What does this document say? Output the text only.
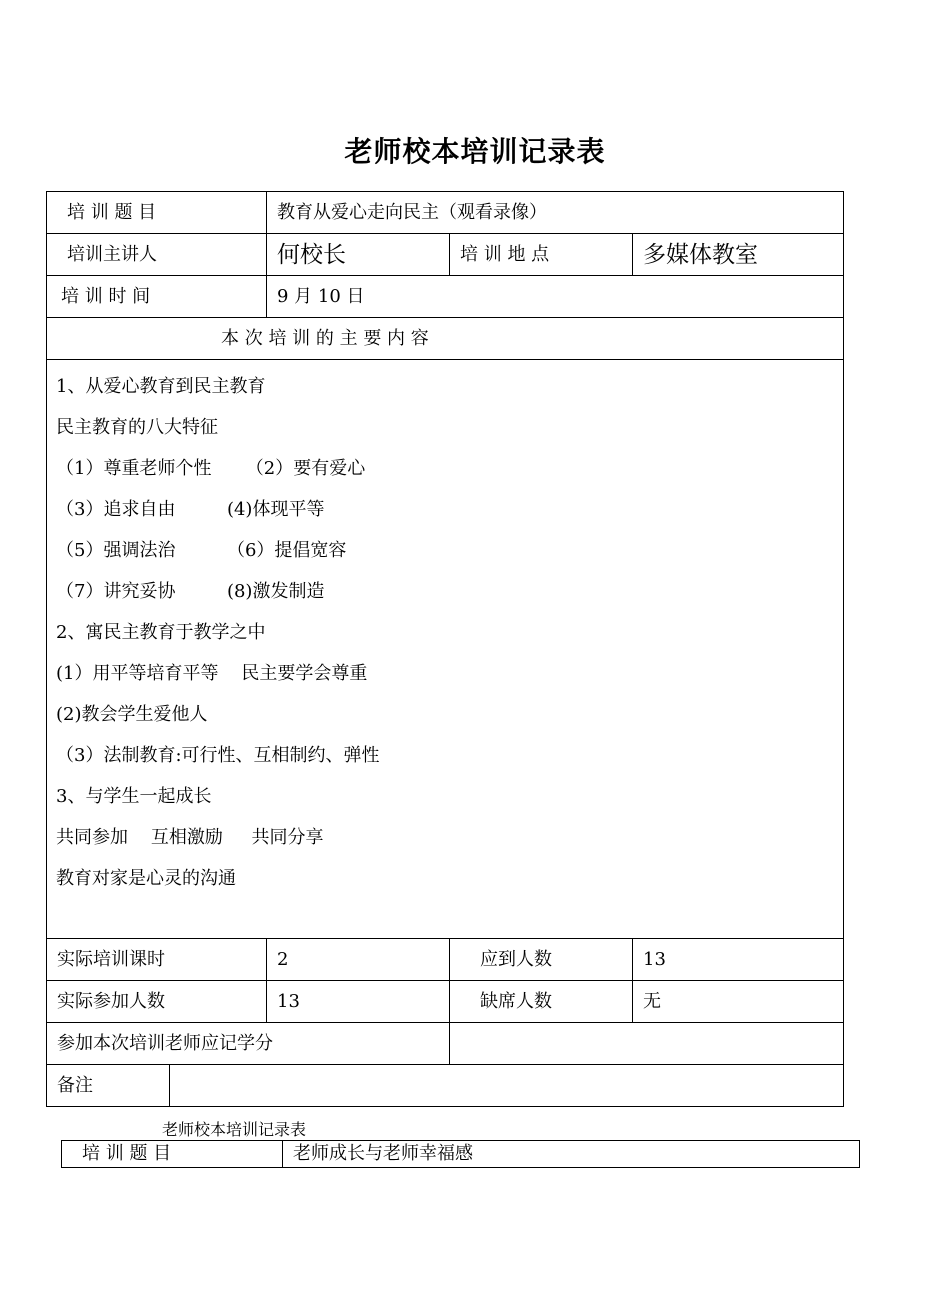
老师校本培训记录表
培 训 题 目	教育从爱心走向民主（观看录像）
培训主讲人	何校长	培 训 地 点	多媒体教室
培 训 时 间	9 月 10 日
本 次 培 训 的 主 要 内 容
1、从爱心教育到民主教育
民主教育的八大特征
（1）尊重老师个性      （2）要有爱心
（3）追求自由         (4)体现平等
（5）强调法治         （6）提倡宽容
（7）讲究妥协         (8)激发制造
2、寓民主教育于教学之中
(1）用平等培育平等    民主要学会尊重
(2)教会学生爱他人
（3）法制教育:可行性、互相制约、弹性
3、与学生一起成长
共同参加    互相激励     共同分享
教育对家是心灵的沟通
实际培训课时	2	应到人数	13
实际参加人数	13	缺席人数	无
参加本次培训老师应记学分
备注
老师校本培训记录表
培 训 题 目	老师成长与老师幸福感
